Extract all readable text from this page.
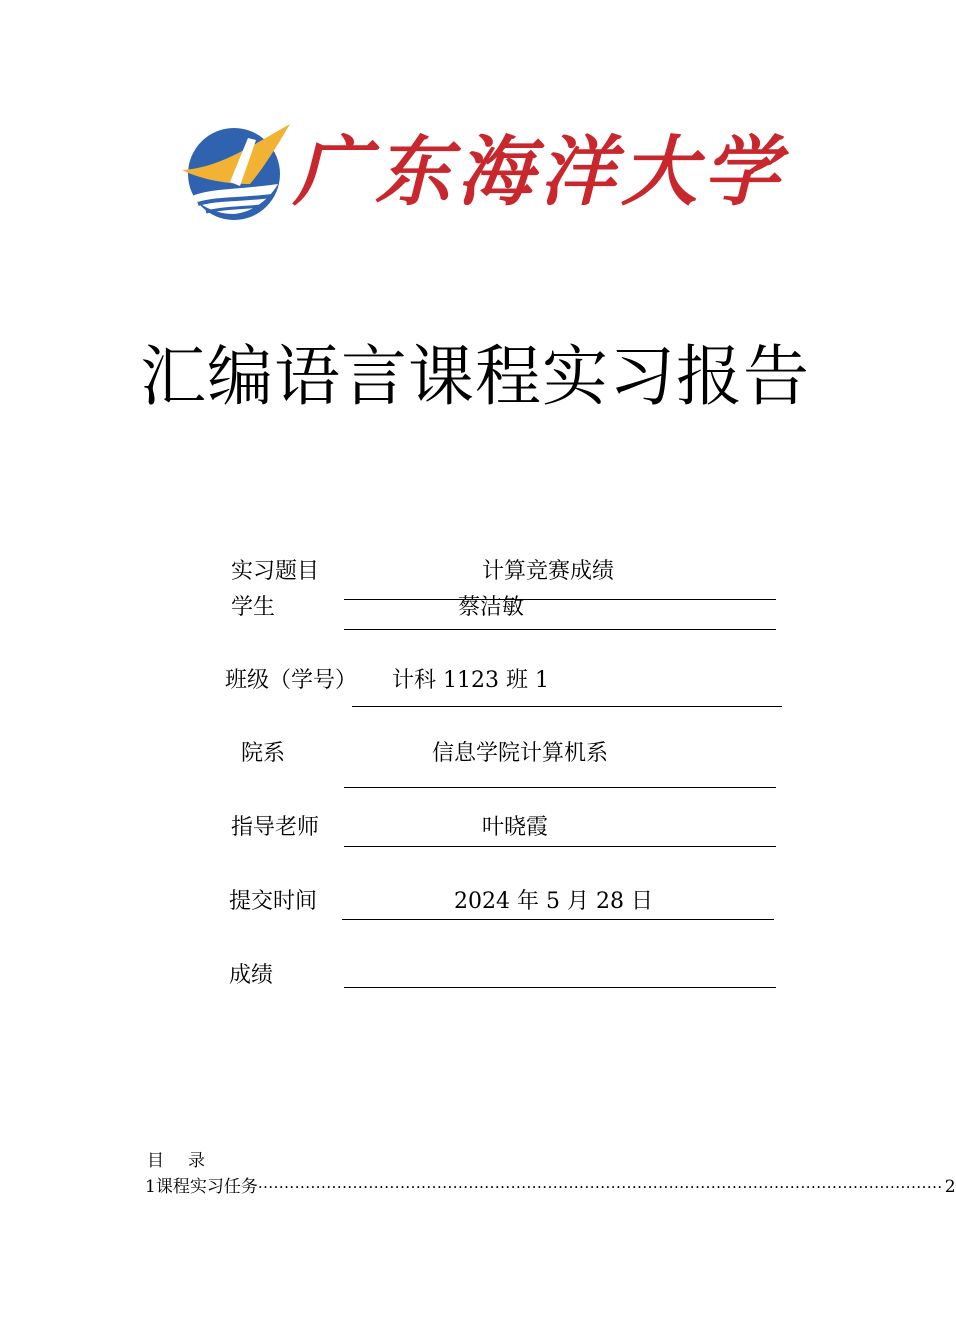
广东海洋大学
汇编语言课程实习报告
实习题目	计算竞赛成绩
学生	蔡洁敏
班级（学号） 计科 1123 班 1
院系	信息学院计算机系
指导老师	叶晓霞
提交时间	2024 年 5 月 28 日
成绩
目录
1 课程实习任务 ·································································································································· 2
